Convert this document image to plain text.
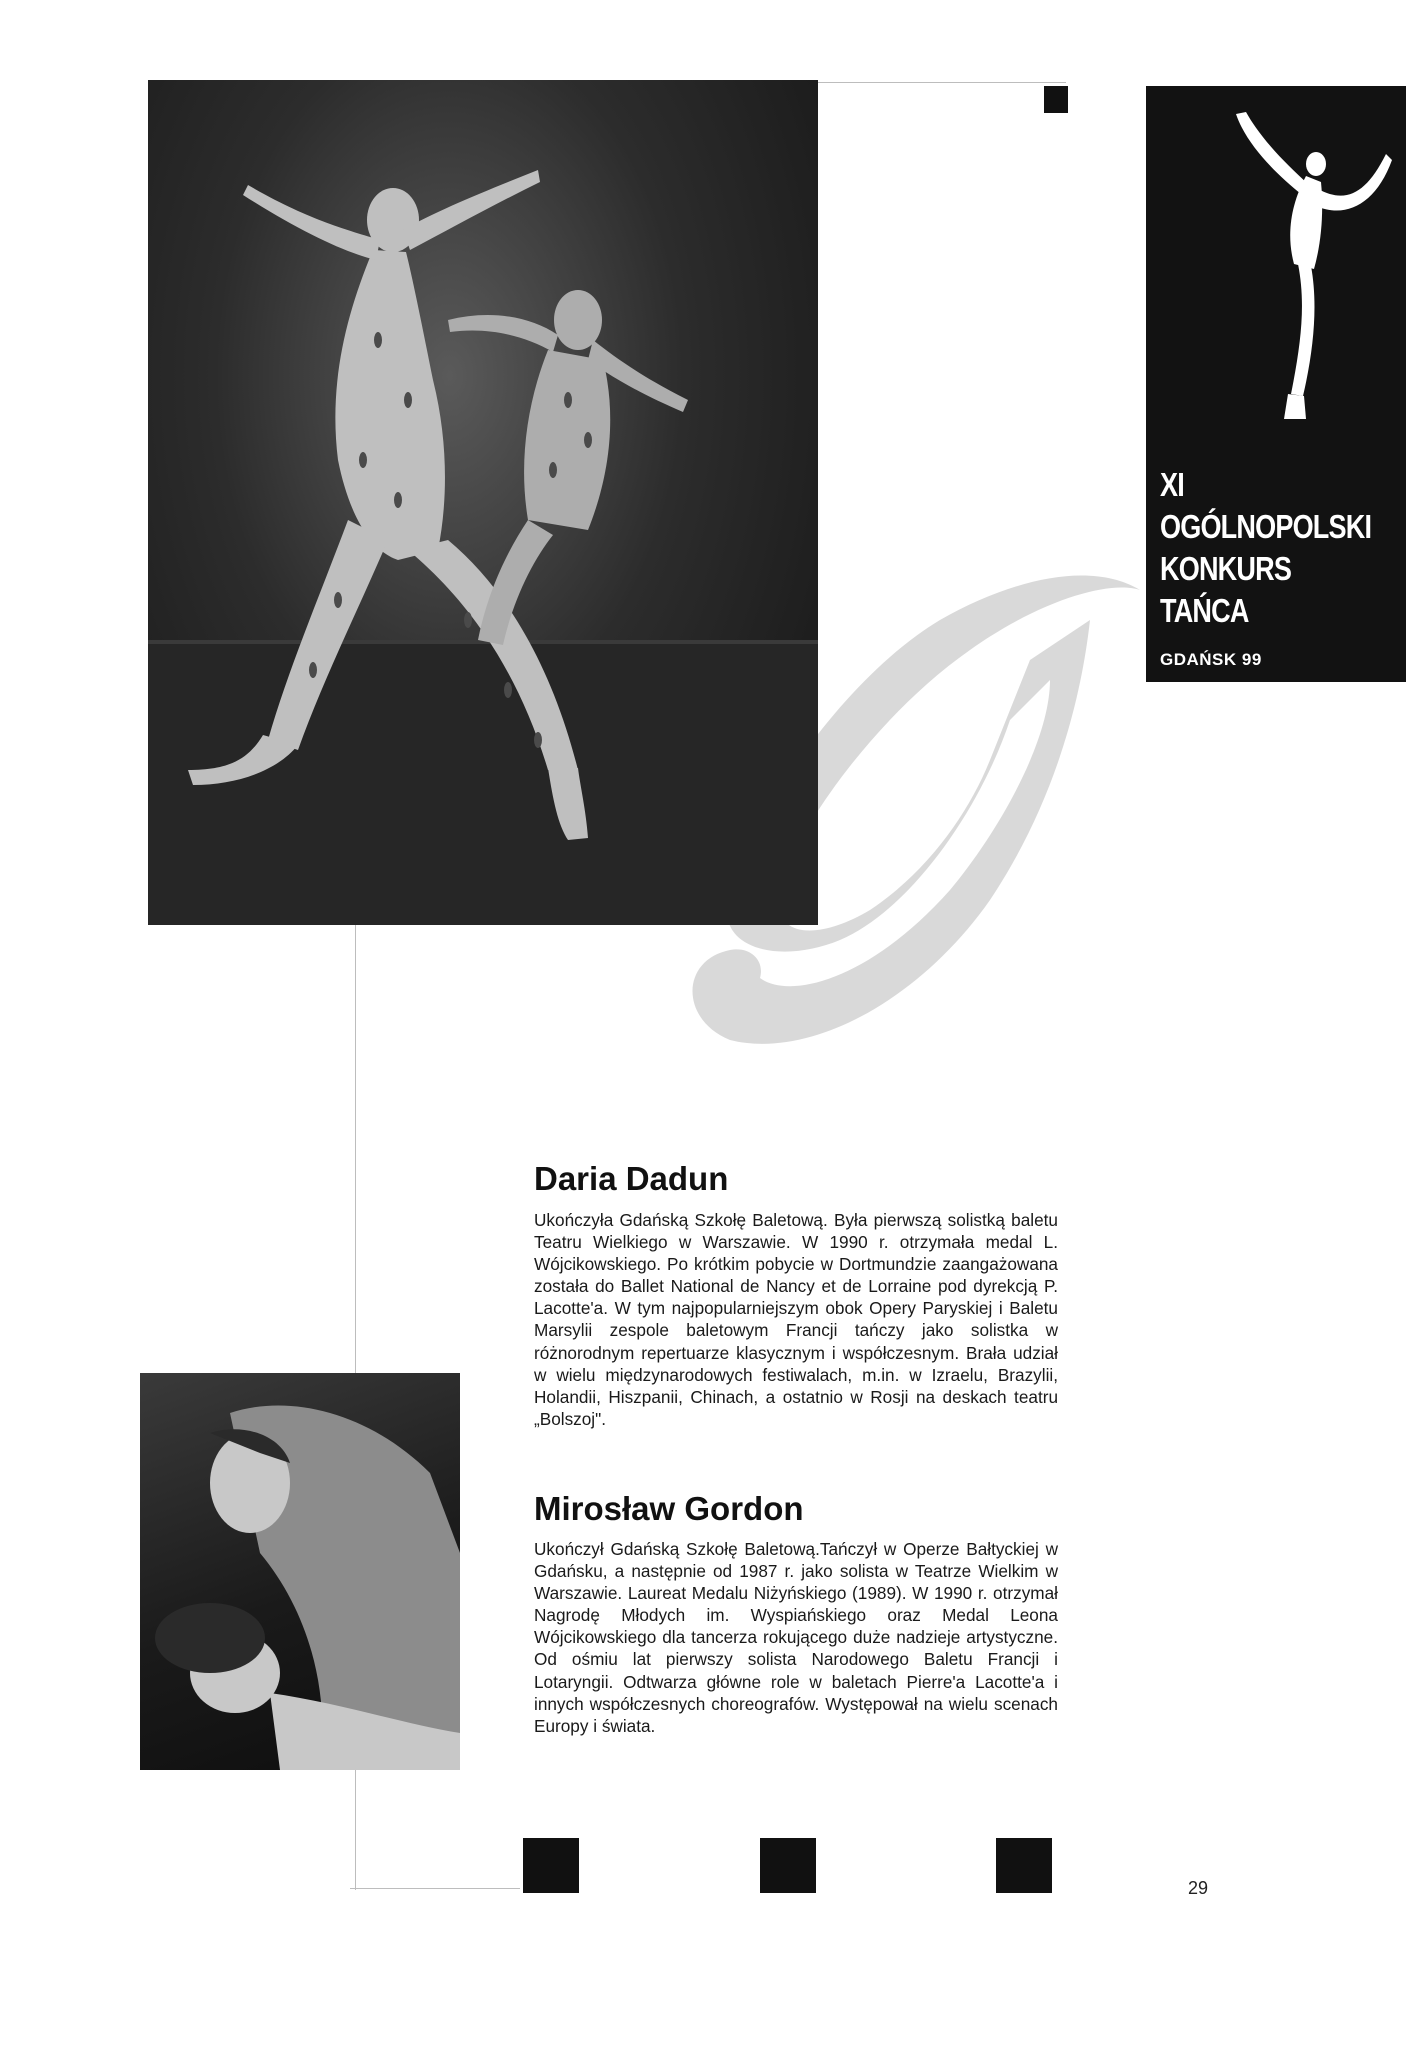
XI
OGÓLNOPOLSKI
KONKURS
TAŃCA
GDAŃSK 99
Daria Dadun
Ukończyła Gdańską Szkołę Baletową. Była pierwszą solistką baletu Teatru Wielkiego w Warszawie. W 1990 r. otrzymała medal L. Wójcikowskiego. Po krótkim pobycie w Dortmundzie zaangażowana została do Ballet National de Nancy et de Lorraine pod dyrekcją P. Lacotte'a. W tym najpopularniejszym obok Opery Paryskiej i Baletu Marsylii zespole baletowym Francji tańczy jako solistka w różnorodnym repertuarze klasycznym i współczesnym. Brała udział w wielu międzynarodowych festiwalach, m.in. w Izraelu, Brazylii, Holandii, Hiszpanii, Chinach, a ostatnio w Rosji na deskach teatru „Bolszoj".
Mirosław Gordon
Ukończył Gdańską Szkołę Baletową.Tańczył w Operze Bałtyckiej w Gdańsku, a następnie od 1987 r. jako solista w Teatrze Wielkim w Warszawie. Laureat Medalu Niżyńskiego (1989). W 1990 r. otrzymał Nagrodę Młodych im. Wyspiańskiego oraz Medal Leona Wójcikowskiego dla tancerza rokującego duże nadzieje artystyczne. Od ośmiu lat pierwszy solista Narodowego Baletu Francji i Lotaryngii. Odtwarza główne role w baletach Pierre'a Lacotte'a i innych współczesnych choreografów. Występował na wielu scenach Europy i świata.
29
